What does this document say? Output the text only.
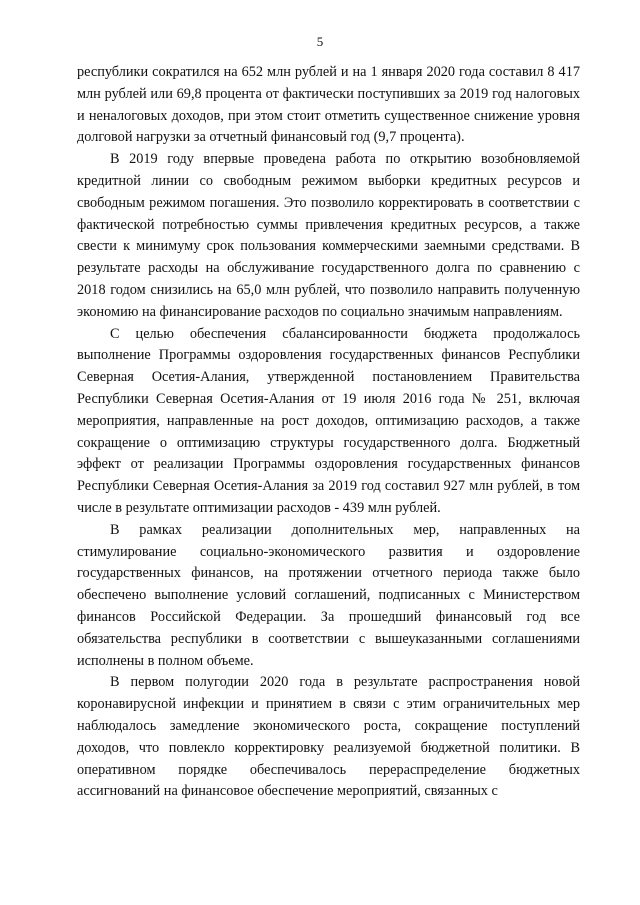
5

республики сократился на 652 млн рублей и на 1 января 2020 года составил 8 417 млн рублей или 69,8 процента от фактически поступивших за 2019 год налоговых и неналоговых доходов, при этом стоит отметить существенное снижение уровня долговой нагрузки за отчетный финансовый год (9,7 процента).

В 2019 году впервые проведена работа по открытию возобновляемой кредитной линии со свободным режимом выборки кредитных ресурсов и свободным режимом погашения. Это позволило корректировать в соответствии с фактической потребностью суммы привлечения кредитных ресурсов, а также свести к минимуму срок пользования коммерческими заемными средствами. В результате расходы на обслуживание государственного долга по сравнению с 2018 годом снизились на 65,0 млн рублей, что позволило направить полученную экономию на финансирование расходов по социально значимым направлениям.

С целью обеспечения сбалансированности бюджета продолжалось выполнение Программы оздоровления государственных финансов Республики Северная Осетия-Алания, утвержденной постановлением Правительства Республики Северная Осетия-Алания от 19 июля 2016 года № 251, включая мероприятия, направленные на рост доходов, оптимизацию расходов, а также сокращение о оптимизацию структуры государственного долга. Бюджетный эффект от реализации Программы оздоровления государственных финансов Республики Северная Осетия-Алания за 2019 год составил 927 млн рублей, в том числе в результате оптимизации расходов - 439 млн рублей.

В рамках реализации дополнительных мер, направленных на стимулирование социально-экономического развития и оздоровление государственных финансов, на протяжении отчетного периода также было обеспечено выполнение условий соглашений, подписанных с Министерством финансов Российской Федерации. За прошедший финансовый год все обязательства республики в соответствии с вышеуказанными соглашениями исполнены в полном объеме.

В первом полугодии 2020 года в результате распространения новой коронавирусной инфекции и принятием в связи с этим ограничительных мер наблюдалось замедление экономического роста, сокращение поступлений доходов, что повлекло корректировку реализуемой бюджетной политики. В оперативном порядке обеспечивалось перераспределение бюджетных ассигнований на финансовое обеспечение мероприятий, связанных с
